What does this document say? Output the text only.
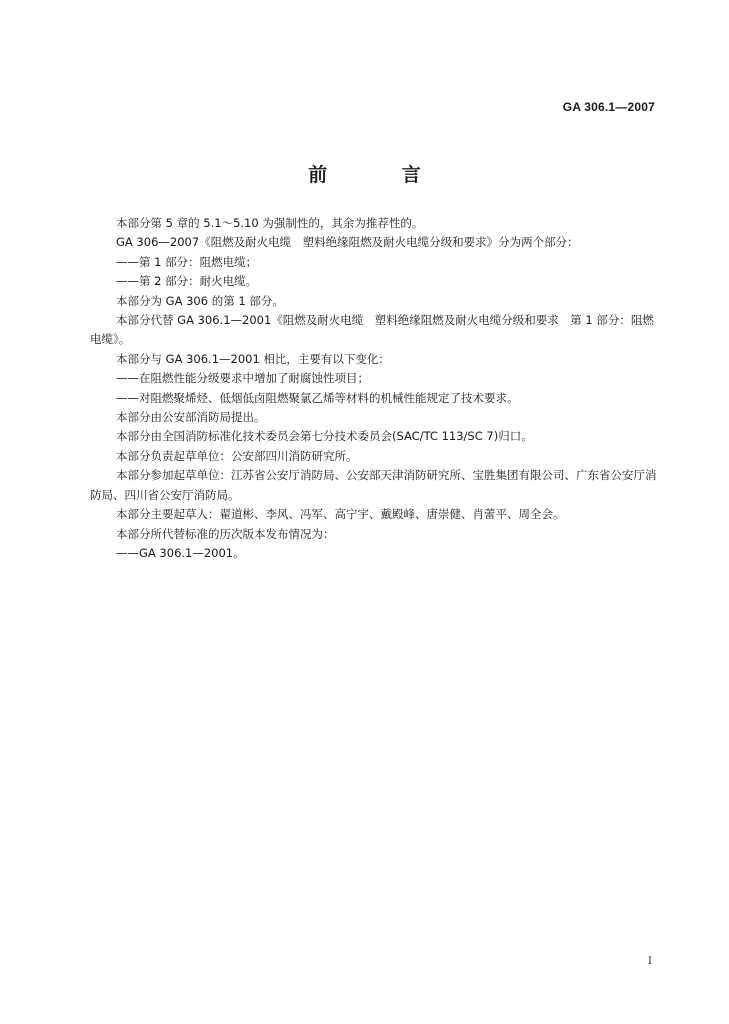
GA 306.1—2007
前 言

本部分第 5 章的 5.1～5.10 为强制性的，其余为推荐性的。

GA 306—2007《阻燃及耐火电缆　塑料绝缘阻燃及耐火电缆分级和要求》分为两个部分：

——第 1 部分：阻燃电缆；

——第 2 部分：耐火电缆。

本部分为 GA 306 的第 1 部分。

本部分代替 GA 306.1—2001《阻燃及耐火电缆　塑料绝缘阻燃及耐火电缆分级和要求　第 1 部分：阻燃电缆》。

本部分与 GA 306.1—2001 相比，主要有以下变化：

——在阻燃性能分级要求中增加了耐腐蚀性项目；

——对阻燃聚烯烃、低烟低卤阻燃聚氯乙烯等材料的机械性能规定了技术要求。

本部分由公安部消防局提出。

本部分由全国消防标准化技术委员会第七分技术委员会(SAC/TC 113/SC 7)归口。

本部分负责起草单位：公安部四川消防研究所。

本部分参加起草单位：江苏省公安厅消防局、公安部天津消防研究所、宝胜集团有限公司、广东省公安厅消防局、四川省公安厅消防局。

本部分主要起草人：翟道彬、李风、冯军、高宁宇、戴殿峰、唐崇健、肖蕾平、周全会。

本部分所代替标准的历次版本发布情况为：

——GA 306.1—2001。

I
